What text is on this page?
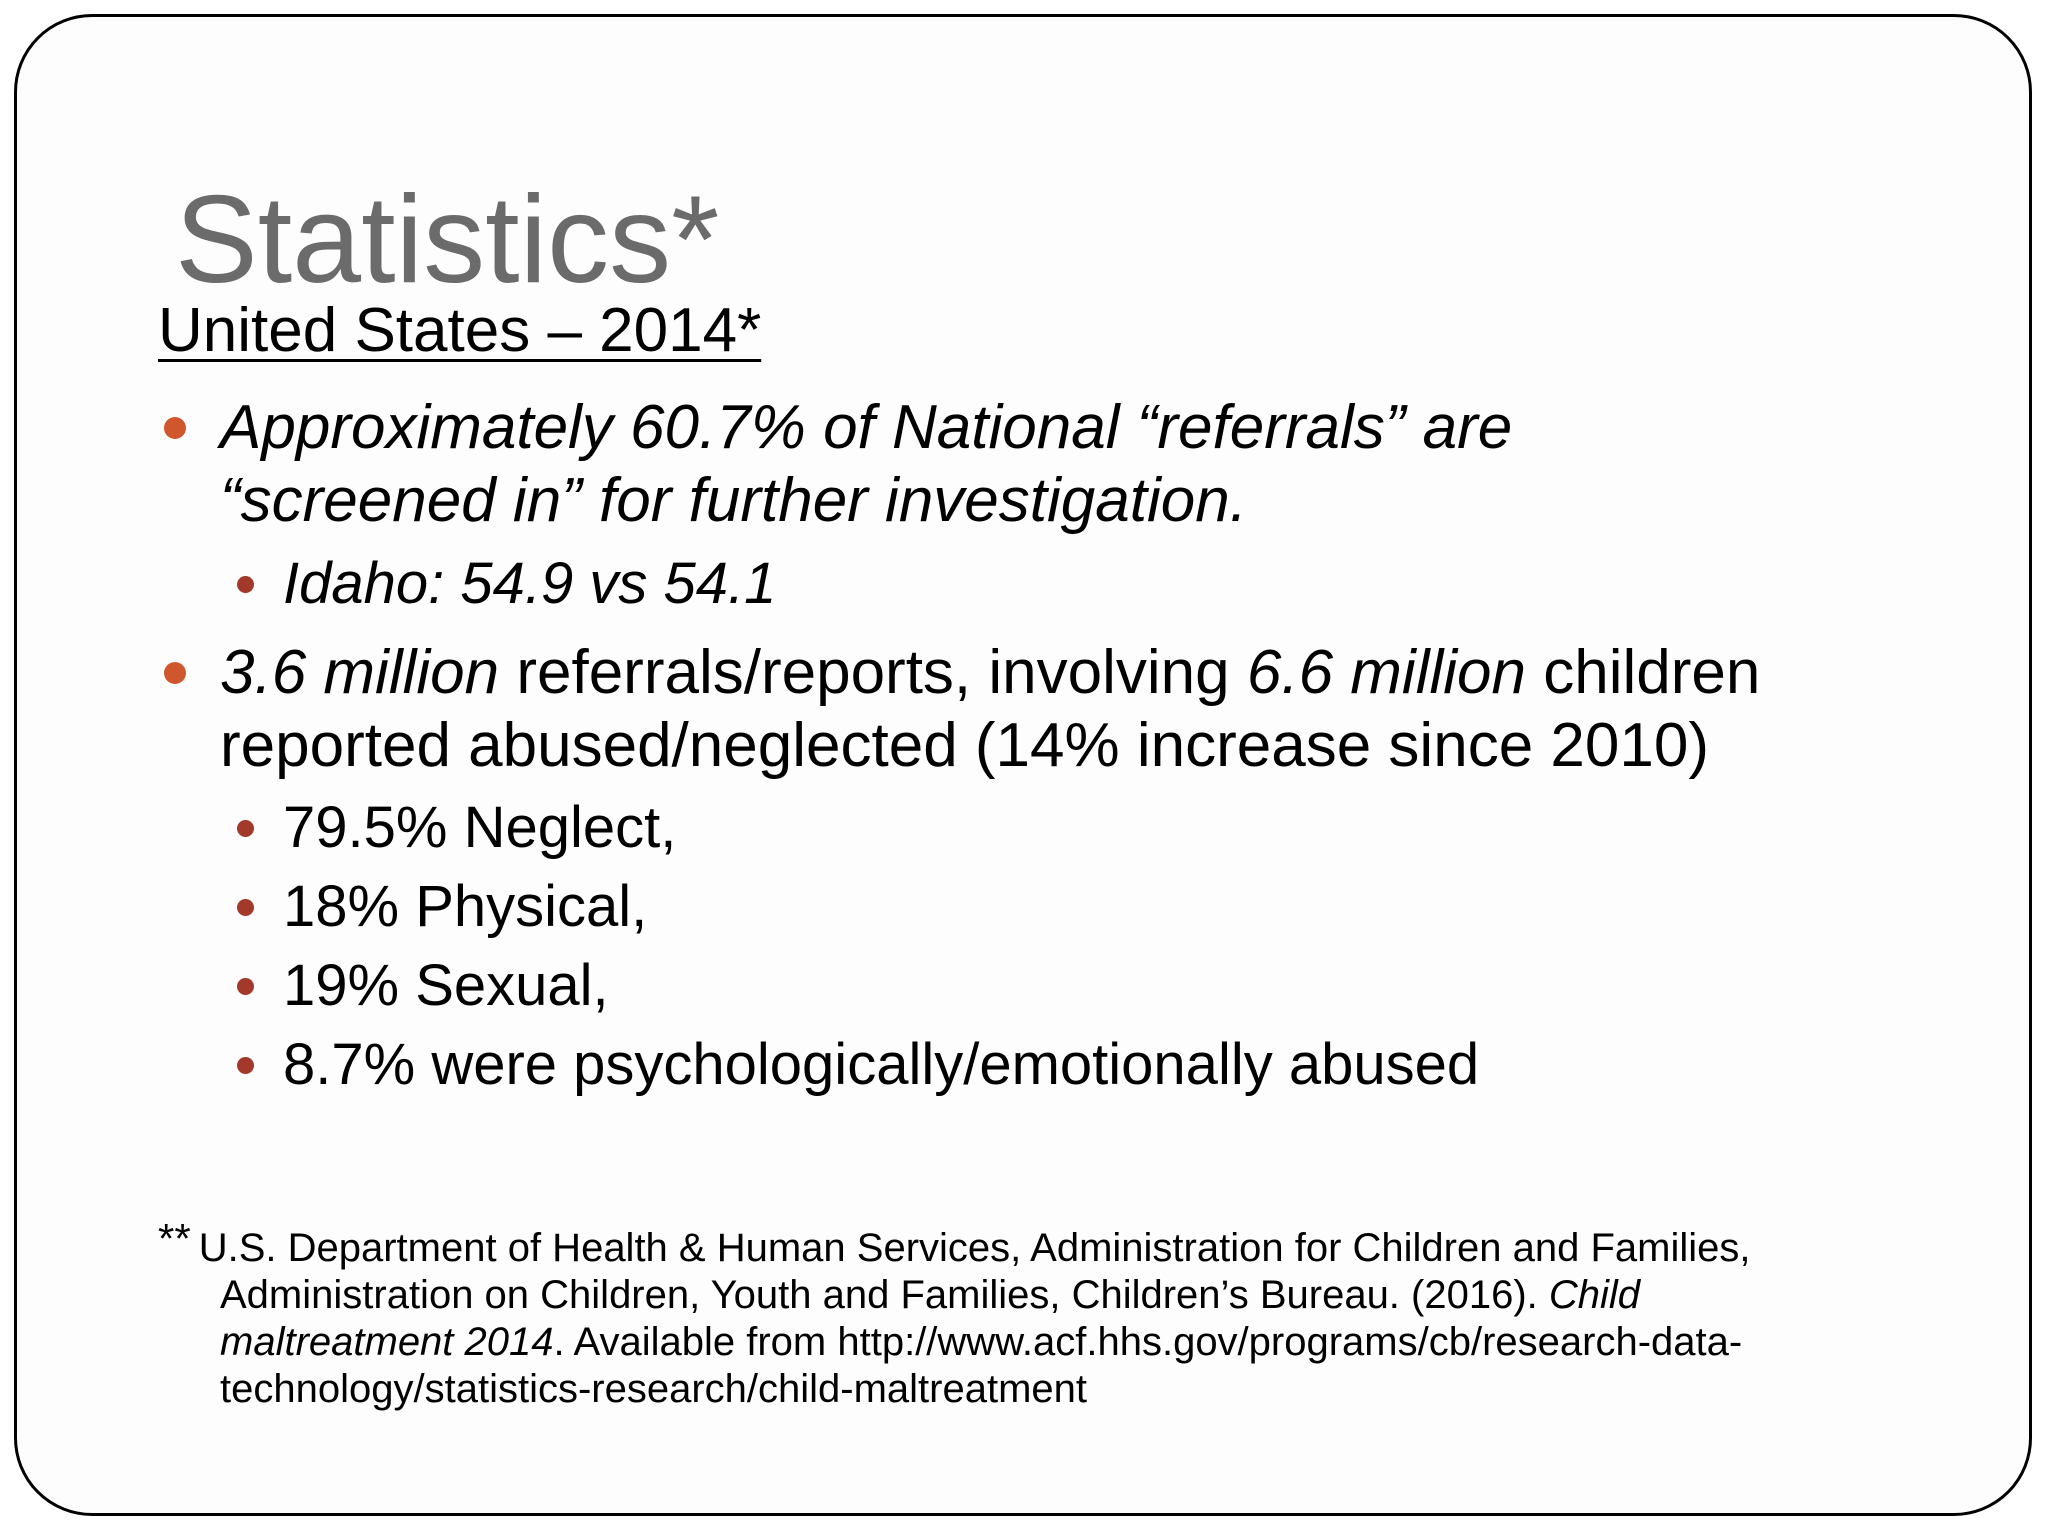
Statistics*
United States – 2014*
Approximately 60.7% of National “referrals” are
“screened in” for further investigation.
Idaho: 54.9 vs 54.1
3.6 million referrals/reports, involving 6.6 million children
reported abused/neglected (14% increase since 2010)
79.5% Neglect,
18% Physical,
19% Sexual,
8.7% were psychologically/emotionally abused
** U.S. Department of Health & Human Services, Administration for Children and Families,
Administration on Children, Youth and Families, Children’s Bureau. (2016). Child
maltreatment 2014. Available from http://www.acf.hhs.gov/programs/cb/research-data-
technology/statistics-research/child-maltreatment
